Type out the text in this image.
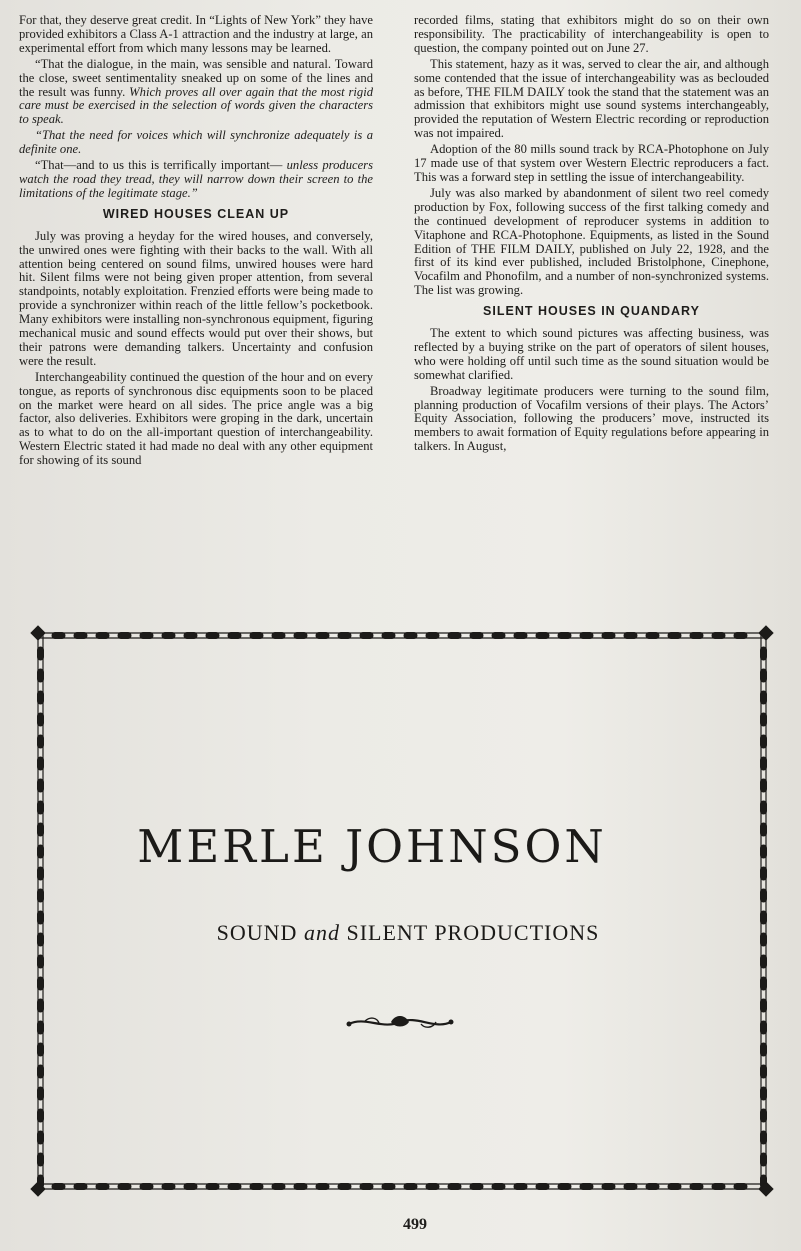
For that, they deserve great credit. In “Lights of New York” they have provided exhibitors a Class A-1 attraction and the industry at large, an experimental effort from which many lessons may be learned.

“That the dialogue, in the main, was sensible and natural. Toward the close, sweet sentimentality sneaked up on some of the lines and the result was funny. Which proves all over again that the most rigid care must be exercised in the selection of words given the characters to speak.

“That the need for voices which will synchronize adequately is a definite one.

“That—and to us this is terrifically important— unless producers watch the road they tread, they will narrow down their screen to the limitations of the legitimate stage.”

WIRED HOUSES CLEAN UP

July was proving a heyday for the wired houses, and conversely, the unwired ones were fighting with their backs to the wall. With all attention being centered on sound films, unwired houses were hard hit. Silent films were not being given proper attention, from several standpoints, notably exploitation. Frenzied efforts were being made to provide a synchronizer within reach of the little fellow’s pocketbook. Many exhibitors were installing non-synchronous equipment, figuring mechanical music and sound effects would put over their shows, but their patrons were demanding talkers. Uncertainty and confusion were the result.

Interchangeability continued the question of the hour and on every tongue, as reports of synchronous disc equipments soon to be placed on the market were heard on all sides. The price angle was a big factor, also deliveries. Exhibitors were groping in the dark, uncertain as to what to do on the all-important question of interchangeability. Western Electric stated it had made no deal with any other equipment for showing of its sound

recorded films, stating that exhibitors might do so on their own responsibility. The practicability of interchangeability is open to question, the company pointed out on June 27.

This statement, hazy as it was, served to clear the air, and although some contended that the issue of interchangeability was as beclouded as before, THE FILM DAILY took the stand that the statement was an admission that exhibitors might use sound systems interchangeably, provided the reputation of Western Electric recording or reproduction was not impaired.

Adoption of the 80 mills sound track by RCA-Photophone on July 17 made use of that system over Western Electric reproducers a fact. This was a forward step in settling the issue of interchangeability.

July was also marked by abandonment of silent two reel comedy production by Fox, following success of the first talking comedy and the continued development of reproducer systems in addition to Vitaphone and RCA-Photophone. Equipments, as listed in the Sound Edition of THE FILM DAILY, published on July 22, 1928, and the first of its kind ever published, included Bristolphone, Cinephone, Vocafilm and Phonofilm, and a number of non-synchronized systems. The list was growing.

SILENT HOUSES IN QUANDARY

The extent to which sound pictures was affecting business, was reflected by a buying strike on the part of operators of silent houses, who were holding off until such time as the sound situation would be somewhat clarified.

Broadway legitimate producers were turning to the sound film, planning production of Vocafilm versions of their plays. The Actors’ Equity Association, following the producers’ move, instructed its members to await formation of Equity regulations before appearing in talkers. In August,

MERLE JOHNSON
SOUND and SILENT PRODUCTIONS
499
